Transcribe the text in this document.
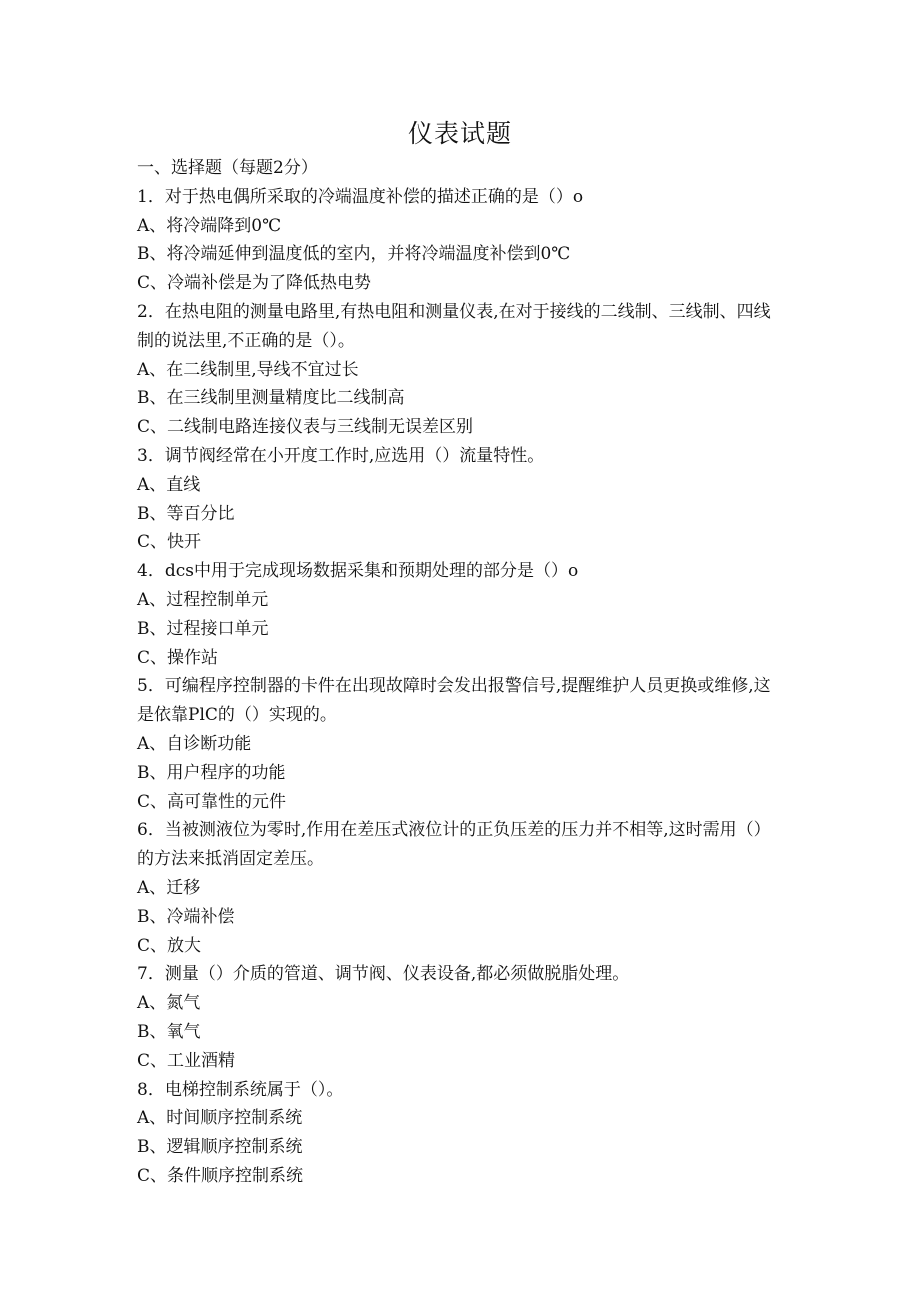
仪表试题
一、选择题（每题2分）
1．对于热电偶所采取的冷端温度补偿的描述正确的是（）o
A、将冷端降到0℃
B、将冷端延伸到温度低的室内，并将冷端温度补偿到0℃
C、冷端补偿是为了降低热电势
2．在热电阻的测量电路里,有热电阻和测量仪表,在对于接线的二线制、三线制、四线制的说法里,不正确的是（）。
A、在二线制里,导线不宜过长
B、在三线制里测量精度比二线制高
C、二线制电路连接仪表与三线制无误差区别
3．调节阀经常在小开度工作时,应选用（）流量特性。
A、直线
B、等百分比
C、快开
4．dcs中用于完成现场数据采集和预期处理的部分是（）o
A、过程控制单元
B、过程接口单元
C、操作站
5．可编程序控制器的卡件在出现故障时会发出报警信号,提醒维护人员更换或维修,这是依靠PlC的（）实现的。
A、自诊断功能
B、用户程序的功能
C、高可靠性的元件
6．当被测液位为零时,作用在差压式液位计的正负压差的压力并不相等,这时需用（）的方法来抵消固定差压。
A、迁移
B、冷端补偿
C、放大
7．测量（）介质的管道、调节阀、仪表设备,都必须做脱脂处理。
A、氮气
B、氧气
C、工业酒精
8．电梯控制系统属于（）。
A、时间顺序控制系统
B、逻辑顺序控制系统
C、条件顺序控制系统
